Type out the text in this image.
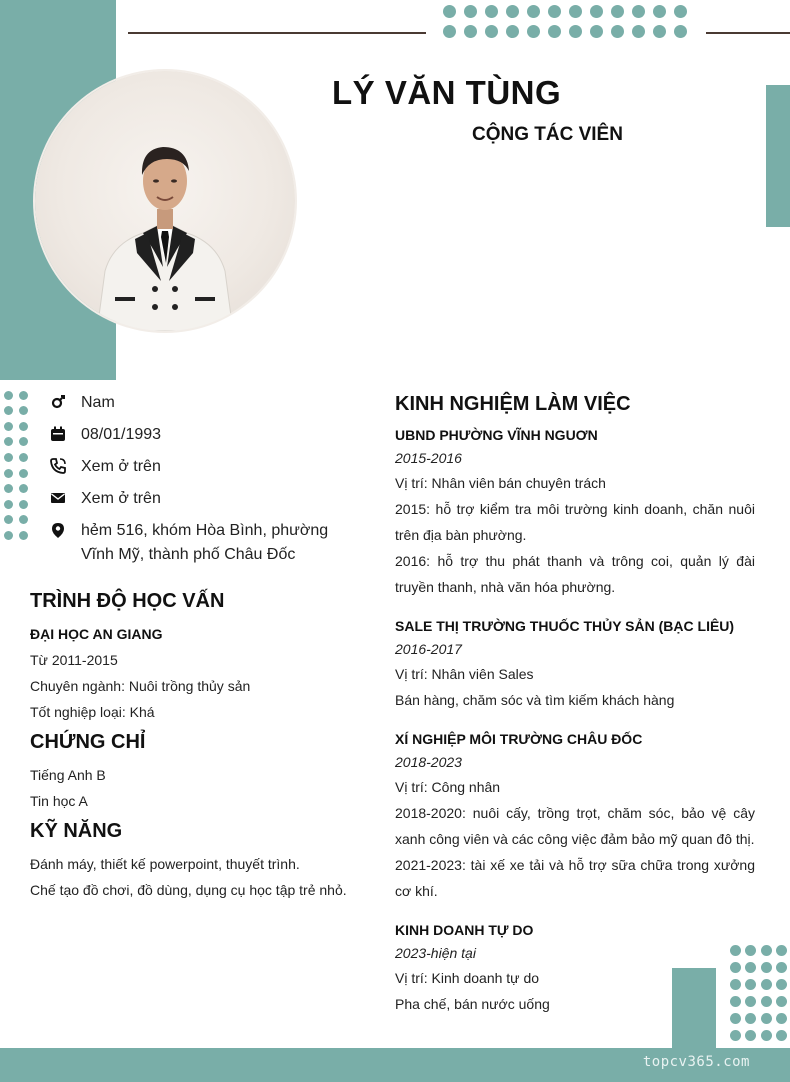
LÝ VĂN TÙNG
CỘNG TÁC VIÊN
Nam
08/01/1993
Xem ở trên
Xem ở trên
hẻm 516, khóm Hòa Bình, phường Vĩnh Mỹ, thành phố Châu Đốc
TRÌNH ĐỘ HỌC VẤN
ĐẠI HỌC AN GIANG
Từ 2011-2015
Chuyên ngành: Nuôi trồng thủy sản
Tốt nghiệp loại: Khá
CHỨNG CHỈ
Tiếng Anh B
Tin học A
KỸ NĂNG
Đánh máy, thiết kế powerpoint, thuyết trình.
Chế tạo đồ chơi, đồ dùng, dụng cụ học tập trẻ nhỏ.
KINH NGHIỆM LÀM VIỆC
UBND PHƯỜNG VĨNH NGUƠN
2015-2016
Vị trí: Nhân viên bán chuyên trách
2015: hỗ trợ kiểm tra môi trường kinh doanh, chăn nuôi trên địa bàn phường.
2016: hỗ trợ thu phát thanh và trông coi, quản lý đài truyền thanh, nhà văn hóa phường.
SALE THỊ TRƯỜNG THUỐC THỦY SẢN (BẠC LIÊU)
2016-2017
Vị trí: Nhân viên Sales
Bán hàng, chăm sóc và tìm kiếm khách hàng
XÍ NGHIỆP MÔI TRƯỜNG CHÂU ĐỐC
2018-2023
Vị trí: Công nhân
2018-2020: nuôi cấy, trồng trọt, chăm sóc, bảo vệ cây xanh công viên và các công việc đảm bảo mỹ quan đô thị.
2021-2023: tài xế xe tải và hỗ trợ sữa chữa trong xưởng cơ khí.
KINH DOANH TỰ DO
2023-hiện tại
Vị trí: Kinh doanh tự do
Pha chế, bán nước uống
topcv365.com
